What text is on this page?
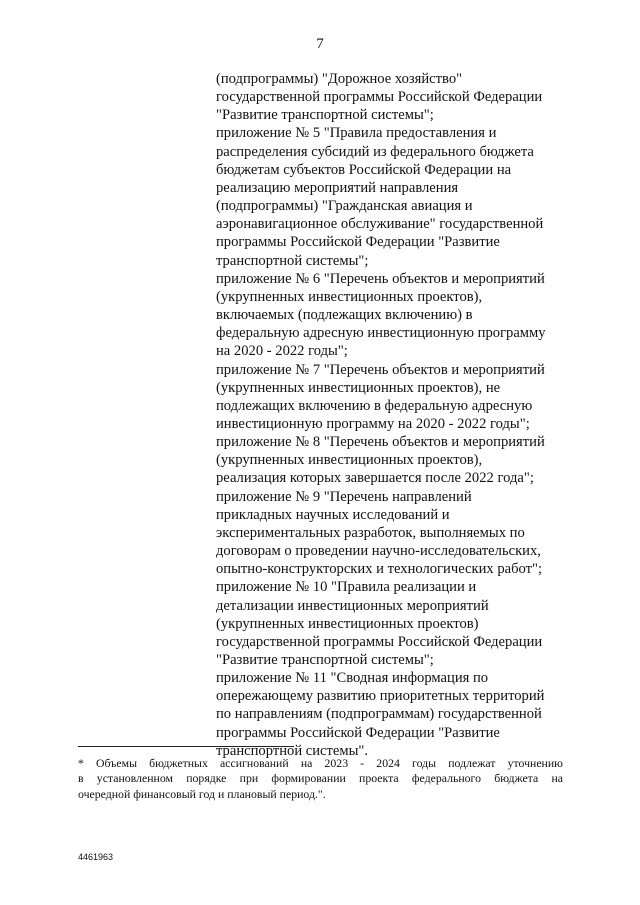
7
(подпрограммы) "Дорожное хозяйство"
государственной программы Российской Федерации
"Развитие транспортной системы";
приложение № 5 "Правила предоставления и
распределения субсидий из федерального бюджета
бюджетам субъектов Российской Федерации на
реализацию мероприятий направления
(подпрограммы) "Гражданская авиация и
аэронавигационное обслуживание" государственной
программы Российской Федерации "Развитие
транспортной системы";
приложение № 6 "Перечень объектов и мероприятий
(укрупненных инвестиционных проектов),
включаемых (подлежащих включению) в
федеральную адресную инвестиционную программу
на 2020 - 2022 годы";
приложение № 7 "Перечень объектов и мероприятий
(укрупненных инвестиционных проектов), не
подлежащих включению в федеральную адресную
инвестиционную программу на 2020 - 2022 годы";
приложение № 8 "Перечень объектов и мероприятий
(укрупненных инвестиционных проектов),
реализация которых завершается после 2022 года";
приложение № 9 "Перечень направлений
прикладных научных исследований и
экспериментальных разработок, выполняемых по
договорам о проведении научно-исследовательских,
опытно-конструкторских и технологических работ";
приложение № 10 "Правила реализации и
детализации инвестиционных мероприятий
(укрупненных инвестиционных проектов)
государственной программы Российской Федерации
"Развитие транспортной системы";
приложение № 11 "Сводная информация по
опережающему развитию приоритетных территорий
по направлениям (подпрограммам) государственной
программы Российской Федерации "Развитие
транспортной системы".
* Объемы бюджетных ассигнований на 2023 - 2024 годы подлежат уточнению
в установленном порядке при формировании проекта федерального бюджета на
очередной финансовый год и плановый период.".
4461963
